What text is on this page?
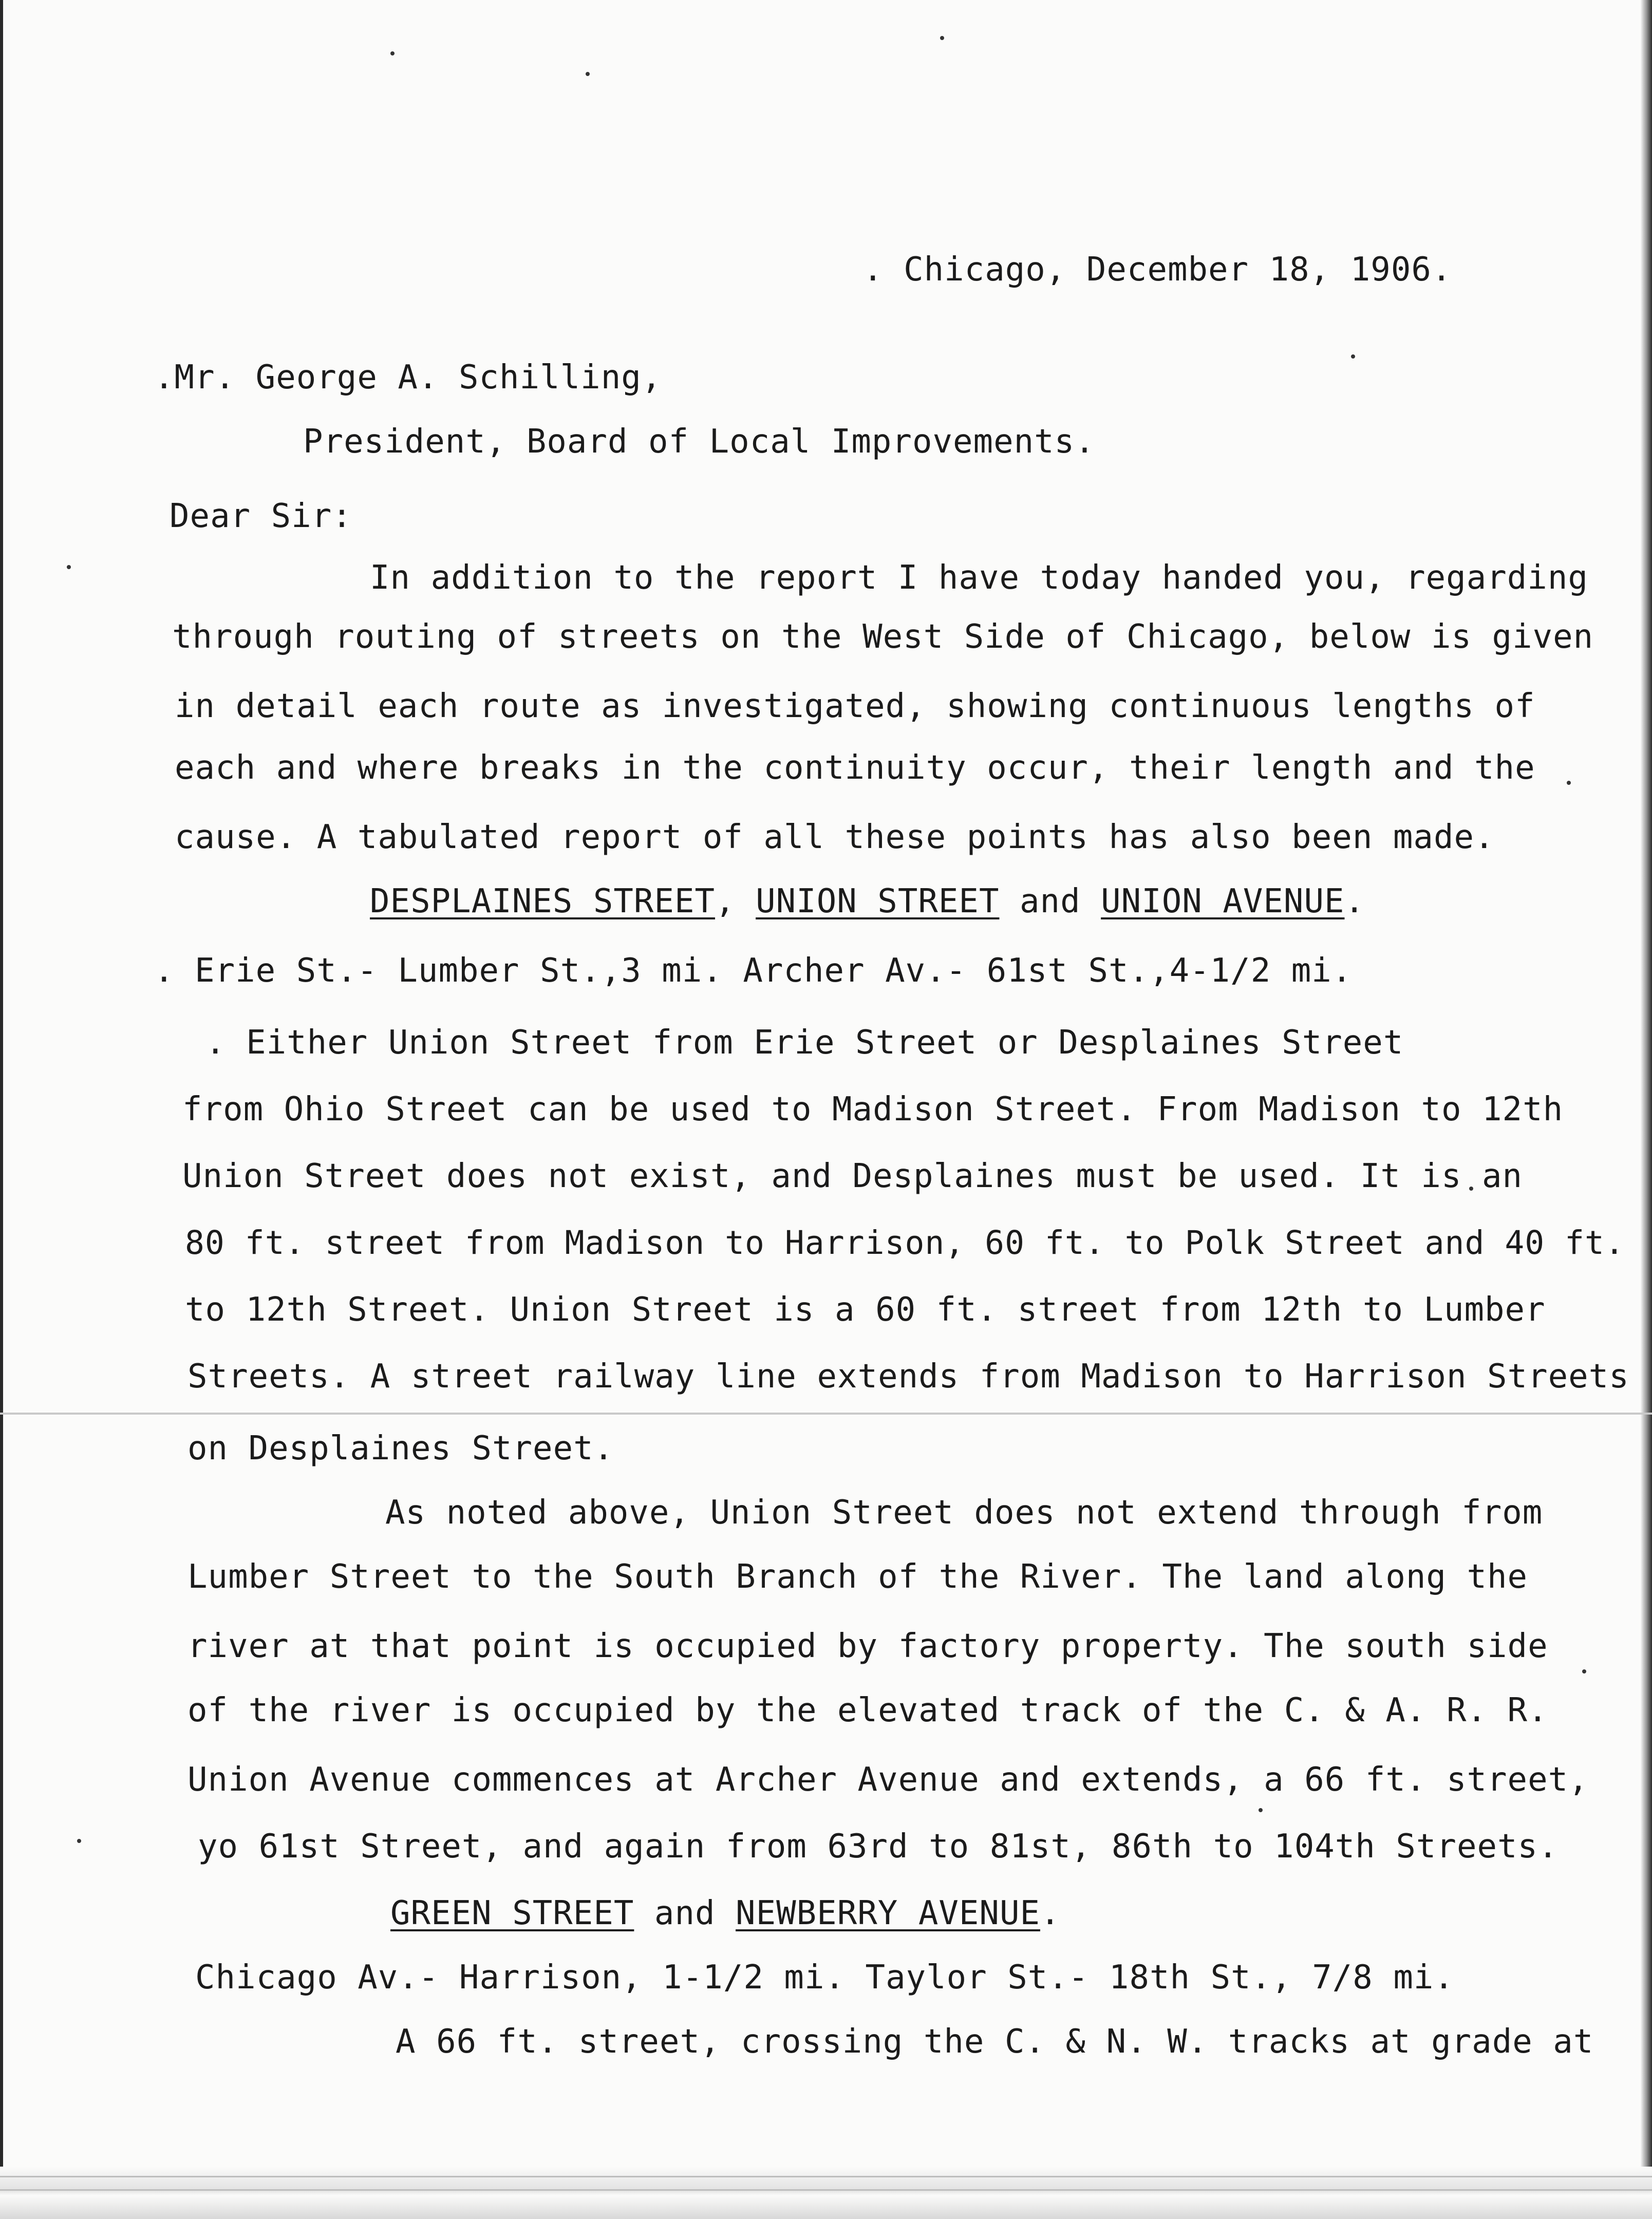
. Chicago, December 18, 1906.
.Mr. George A. Schilling,
President, Board of Local Improvements.
Dear Sir:
In addition to the report I have today handed you, regarding
through routing of streets on the West Side of Chicago, below is given
in detail each route as investigated, showing continuous lengths of
each and where breaks in the continuity occur, their length and the
cause. A tabulated report of all these points has also been made.
DESPLAINES STREET, UNION STREET and UNION AVENUE.
. Erie St.- Lumber St.,3 mi. Archer Av.- 61st St.,4-1/2 mi.
. Either Union Street from Erie Street or Desplaines Street
from Ohio Street can be used to Madison Street. From Madison to 12th
Union Street does not exist, and Desplaines must be used. It is an
80 ft. street from Madison to Harrison, 60 ft. to Polk Street and 40 ft.
to 12th Street. Union Street is a 60 ft. street from 12th to Lumber
Streets. A street railway line extends from Madison to Harrison Streets
on Desplaines Street.
As noted above, Union Street does not extend through from
Lumber Street to the South Branch of the River. The land along the
river at that point is occupied by factory property. The south side
of the river is occupied by the elevated track of the C. & A. R. R.
Union Avenue commences at Archer Avenue and extends, a 66 ft. street,
yo 61st Street, and again from 63rd to 81st, 86th to 104th Streets.
GREEN STREET and NEWBERRY AVENUE.
Chicago Av.- Harrison, 1-1/2 mi. Taylor St.- 18th St., 7/8 mi.
A 66 ft. street, crossing the C. & N. W. tracks at grade at
